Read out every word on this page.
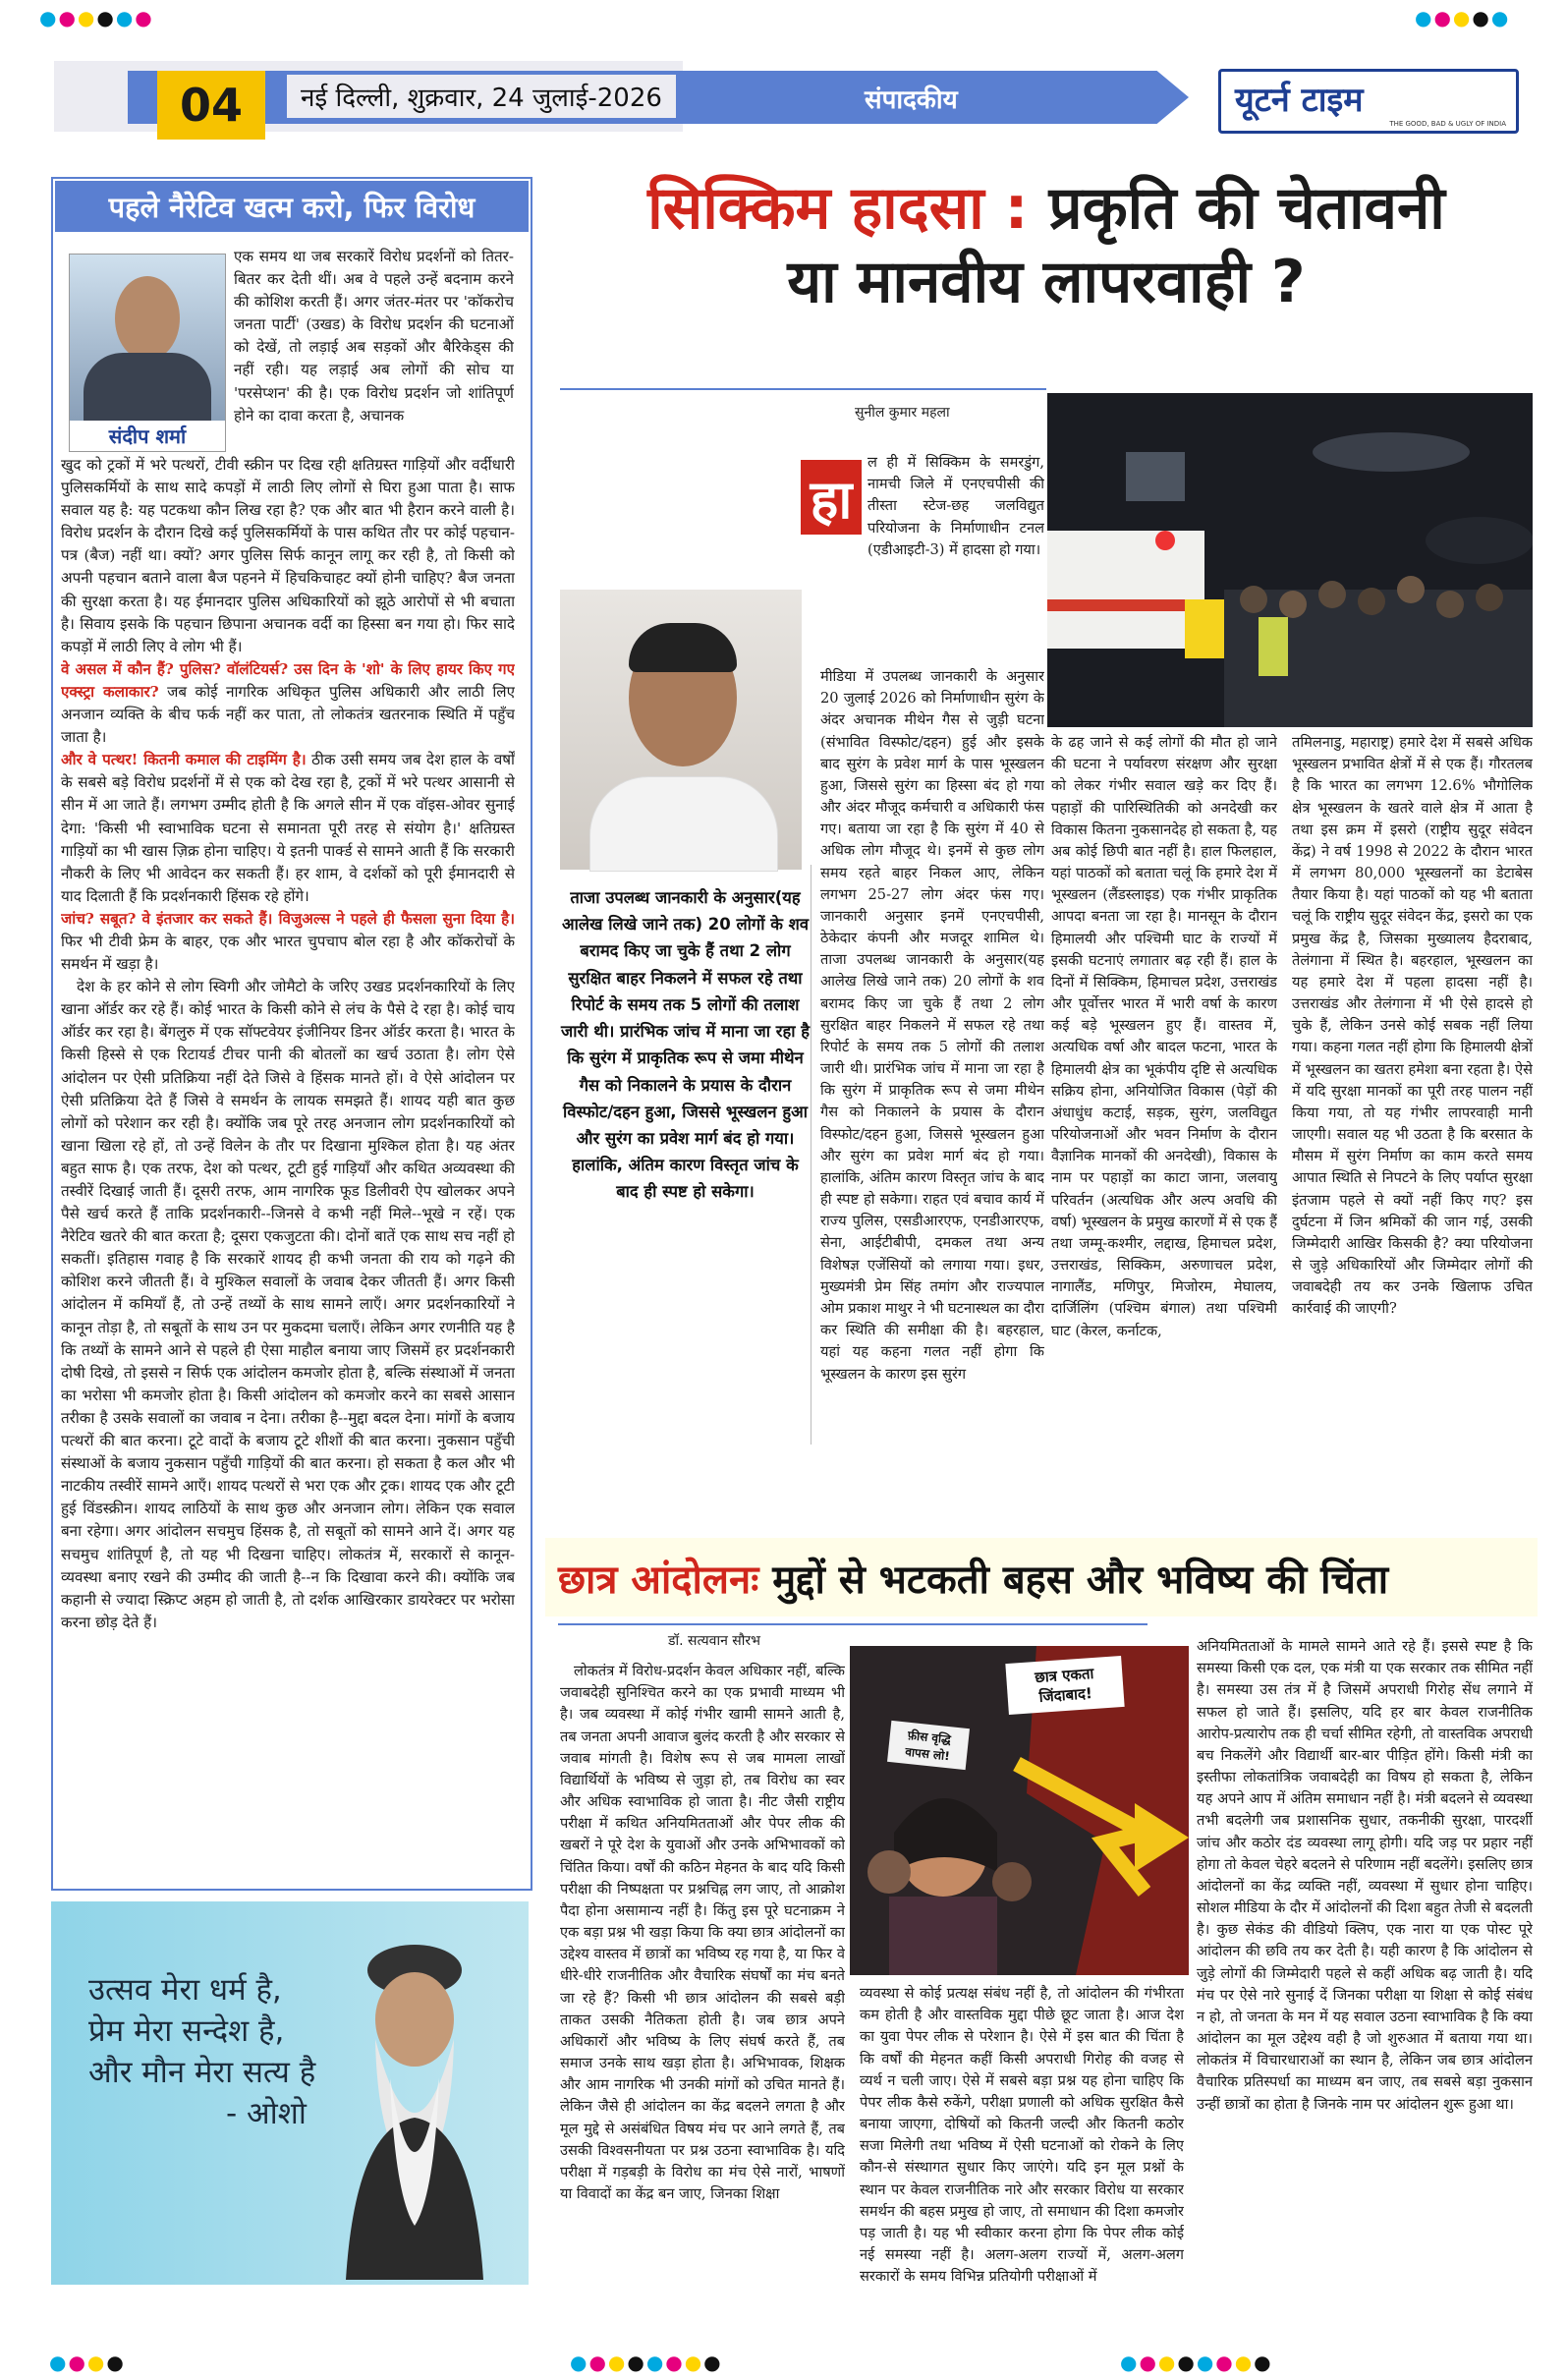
●●●●●●	●●●●●
04	नई दिल्ली, शुक्रवार, 24 जुलाई-2026	संपादकीय	यूटर्न टाइम
THE GOOD, BAD & UGLY OF INDIA
पहले नैरेटिव खत्म करो, फिर विरोध
संदीप शर्मा
एक समय था जब सरकारें विरोध प्रदर्शनों को तितर-बितर कर देती थीं। अब वे पहले उन्हें बदनाम करने की कोशिश करती हैं। अगर जंतर-मंतर पर 'कॉकरोच जनता पार्टी' (उखड) के विरोध प्रदर्शन की घटनाओं को देखें, तो लड़ाई अब सड़कों और बैरिकेड्स की नहीं रही। यह लड़ाई अब लोगों की सोच या 'परसेप्शन' की है। एक विरोध प्रदर्शन जो शांतिपूर्ण होने का दावा करता है, अचानक

खुद को ट्रकों में भरे पत्थरों, टीवी स्क्रीन पर दिख रही क्षतिग्रस्त गाड़ियों और वर्दीधारी पुलिसकर्मियों के साथ सादे कपड़ों में लाठी लिए लोगों से घिरा हुआ पाता है। साफ सवाल यह है: यह पटकथा कौन लिख रहा है? एक और बात भी हैरान करने वाली है। विरोध प्रदर्शन के दौरान दिखे कई पुलिसकर्मियों के पास कथित तौर पर कोई पहचान-पत्र (बैज) नहीं था। क्यों? अगर पुलिस सिर्फ कानून लागू कर रही है, तो किसी को अपनी पहचान बताने वाला बैज पहनने में हिचकिचाहट क्यों होनी चाहिए? बैज जनता की सुरक्षा करता है। यह ईमानदार पुलिस अधिकारियों को झूठे आरोपों से भी बचाता है। सिवाय इसके कि पहचान छिपाना अचानक वर्दी का हिस्सा बन गया हो। फिर सादे कपड़ों में लाठी लिए वे लोग भी हैं।

वे असल में कौन हैं? पुलिस? वॉलंटियर्स? उस दिन के 'शो' के लिए हायर किए गए एक्स्ट्रा कलाकार? जब कोई नागरिक अधिकृत पुलिस अधिकारी और लाठी लिए अनजान व्यक्ति के बीच फर्क नहीं कर पाता, तो लोकतंत्र खतरनाक स्थिति में पहुँच जाता है।

और वे पत्थर! कितनी कमाल की टाइमिंग है। ठीक उसी समय जब देश हाल के वर्षों के सबसे बड़े विरोध प्रदर्शनों में से एक को देख रहा है, ट्रकों में भरे पत्थर आसानी से सीन में आ जाते हैं। लगभग उम्मीद होती है कि अगले सीन में एक वॉइस-ओवर सुनाई देगा: 'किसी भी स्वाभाविक घटना से समानता पूरी तरह से संयोग है।' क्षतिग्रस्त गाड़ियों का भी खास ज़िक्र होना चाहिए। ये इतनी पार्क्‍ड से सामने आती हैं कि सरकारी नौकरी के लिए भी आवेदन कर सकती हैं। हर शाम, वे दर्शकों को पूरी ईमानदारी से याद दिलाती हैं कि प्रदर्शनकारी हिंसक रहे होंगे।

जांच? सबूत? वे इंतजार कर सकते हैं। विजुअल्स ने पहले ही फैसला सुना दिया है। फिर भी टीवी फ्रेम के बाहर, एक और भारत चुपचाप बोल रहा है और कॉकरोचों के समर्थन में खड़ा है।

देश के हर कोने से लोग स्विगी और जोमैटो के जरिए उखड प्रदर्शनकारियों के लिए खाना ऑर्डर कर रहे हैं। कोई भारत के किसी कोने से लंच के पैसे दे रहा है। कोई चाय ऑर्डर कर रहा है। बेंगलुरु में एक सॉफ्टवेयर इंजीनियर डिनर ऑर्डर करता है। भारत के किसी हिस्से से एक रिटायर्ड टीचर पानी की बोतलों का खर्च उठाता है। लोग ऐसे आंदोलन पर ऐसी प्रतिक्रिया नहीं देते जिसे वे हिंसक मानते हों। वे ऐसे आंदोलन पर ऐसी प्रतिक्रिया देते हैं जिसे वे समर्थन के लायक समझते हैं। शायद यही बात कुछ लोगों को परेशान कर रही है। क्योंकि जब पूरे तरह अनजान लोग प्रदर्शनकारियों को खाना खिला रहे हों, तो उन्हें विलेन के तौर पर दिखाना मुश्किल होता है। यह अंतर बहुत साफ है। एक तरफ, देश को पत्थर, टूटी हुई गाड़ियाँ और कथित अव्यवस्था की तस्वीरें दिखाई जाती हैं। दूसरी तरफ, आम नागरिक फूड डिलीवरी ऐप खोलकर अपने पैसे खर्च करते हैं ताकि प्रदर्शनकारी--जिनसे वे कभी नहीं मिले--भूखे न रहें। एक नैरेटिव खतरे की बात करता है; दूसरा एकजुटता की। दोनों बातें एक साथ सच नहीं हो सकतीं। इतिहास गवाह है कि सरकारें शायद ही कभी जनता की राय को गढ़ने की कोशिश करने जीतती हैं। वे मुश्किल सवालों के जवाब देकर जीतती हैं। अगर किसी आंदोलन में कमियाँ हैं, तो उन्हें तथ्यों के साथ सामने लाएँ। अगर प्रदर्शनकारियों ने कानून तोड़ा है, तो सबूतों के साथ उन पर मुकदमा चलाएँ। लेकिन अगर रणनीति यह है कि तथ्यों के सामने आने से पहले ही ऐसा माहौल बनाया जाए जिसमें हर प्रदर्शनकारी दोषी दिखे, तो इससे न सिर्फ एक आंदोलन कमजोर होता है, बल्कि संस्थाओं में जनता का भरोसा भी कमजोर होता है। किसी आंदोलन को कमजोर करने का सबसे आसान तरीका है उसके सवालों का जवाब न देना। तरीका है--मुद्दा बदल देना। मांगों के बजाय पत्थरों की बात करना। टूटे वादों के बजाय टूटे शीशों की बात करना। नुकसान पहुँची संस्थाओं के बजाय नुकसान पहुँची गाड़ियों की बात करना। हो सकता है कल और भी नाटकीय तस्वीरें सामने आएँ। शायद पत्थरों से भरा एक और ट्रक। शायद एक और टूटी हुई विंडस्क्रीन। शायद लाठियों के साथ कुछ और अनजान लोग। लेकिन एक सवाल बना रहेगा। अगर आंदोलन सचमुच हिंसक है, तो सबूतों को सामने आने दें। अगर यह सचमुच शांतिपूर्ण है, तो यह भी दिखना चाहिए। लोकतंत्र में, सरकारों से कानून-व्यवस्था बनाए रखने की उम्मीद की जाती है--न कि दिखावा करने की। क्योंकि जब कहानी से ज्यादा स्क्रिप्ट अहम हो जाती है, तो दर्शक आखिरकार डायरेक्टर पर भरोसा करना छोड़ देते हैं।

उत्सव मेरा धर्म है,
प्रेम मेरा सन्देश है,
और मौन मेरा सत्य है
- ओशो
सिक्किम हादसा : प्रकृति की चेतावनी
या मानवीय लापरवाही ?
सुनील कुमार महला
ताजा उपलब्ध जानकारी के अनुसार(यह आलेख लिखे जाने तक) 20 लोगों के शव बरामद किए जा चुके हैं तथा 2 लोग सुरक्षित बाहर निकलने में सफल रहे तथा रिपोर्ट के समय तक 5 लोगों की तलाश जारी थी। प्रारंभिक जांच में माना जा रहा है कि सुरंग में प्राकृतिक रूप से जमा मीथेन गैस को निकालने के प्रयास के दौरान विस्फोट/दहन हुआ, जिससे भूस्खलन हुआ और सुरंग का प्रवेश मार्ग बंद हो गया। हालांकि, अंतिम कारण विस्तृत जांच के बाद ही स्पष्ट हो सकेगा।
हा
ल ही में सिक्किम के समरडुंग, नामची जिले में एनएचपीसी की तीस्ता स्टेज-छह जलविद्युत परियोजना के निर्माणाधीन टनल (एडीआइटी-3) में हादसा हो गया।
मीडिया में उपलब्ध जानकारी के अनुसार 20 जुलाई 2026 को निर्माणाधीन सुरंग के अंदर अचानक मीथेन गैस से जुड़ी घटना (संभावित विस्फोट/दहन) हुई और इसके बाद सुरंग के प्रवेश मार्ग के पास भूस्खलन हुआ, जिससे सुरंग का हिस्सा बंद हो गया और अंदर मौजूद कर्मचारी व अधिकारी फंस गए। बताया जा रहा है कि सुरंग में 40 से अधिक लोग मौजूद थे। इनमें से कुछ लोग समय रहते बाहर निकल आए, लेकिन लगभग 25-27 लोग अंदर फंस गए। जानकारी अनुसार इनमें एनएचपीसी, ठेकेदार कंपनी और मजदूर शामिल थे। ताजा उपलब्ध जानकारी के अनुसार(यह आलेख लिखे जाने तक) 20 लोगों के शव बरामद किए जा चुके हैं तथा 2 लोग सुरक्षित बाहर निकलने में सफल रहे तथा रिपोर्ट के समय तक 5 लोगों की तलाश जारी थी। प्रारंभिक जांच में माना जा रहा है कि सुरंग में प्राकृतिक रूप से जमा मीथेन गैस को निकालने के प्रयास के दौरान विस्फोट/दहन हुआ, जिससे भूस्खलन हुआ और सुरंग का प्रवेश मार्ग बंद हो गया। हालांकि, अंतिम कारण विस्तृत जांच के बाद ही स्पष्ट हो सकेगा। राहत एवं बचाव कार्य में राज्य पुलिस, एसडीआरएफ, एनडीआरएफ, सेना, आईटीबीपी, दमकल तथा अन्य विशेषज्ञ एजेंसियों को लगाया गया। इधर, मुख्यमंत्री प्रेम सिंह तमांग और राज्यपाल ओम प्रकाश माथुर ने भी घटनास्थल का दौरा कर स्थिति की समीक्षा की है। बहरहाल, यहां यह कहना गलत नहीं होगा कि भूस्खलन के कारण इस सुरंग
के ढह जाने से कई लोगों की मौत हो जाने की घटना ने पर्यावरण संरक्षण और सुरक्षा को लेकर गंभीर सवाल खड़े कर दिए हैं। पहाड़ों की पारिस्थितिकी को अनदेखी कर विकास कितना नुकसानदेह हो सकता है, यह अब कोई छिपी बात नहीं है। हाल फिलहाल, यहां पाठकों को बताता चलूं कि हमारे देश में भूस्खलन (लैंडस्लाइड) एक गंभीर प्राकृतिक आपदा बनता जा रहा है। मानसून के दौरान हिमालयी और पश्चिमी घाट के राज्यों में इसकी घटनाएं लगातार बढ़ रही हैं। हाल के दिनों में सिक्किम, हिमाचल प्रदेश, उत्तराखंड और पूर्वोत्तर भारत में भारी वर्षा के कारण कई बड़े भूस्खलन हुए हैं। वास्तव में, अत्यधिक वर्षा और बादल फटना, भारत के हिमालयी क्षेत्र का भूकंपीय दृष्टि से अत्यधिक सक्रिय होना, अनियोजित विकास (पेड़ों की अंधाधुंध कटाई, सड़क, सुरंग, जलविद्युत परियोजनाओं और भवन निर्माण के दौरान वैज्ञानिक मानकों की अनदेखी), विकास के नाम पर पहाड़ों का काटा जाना, जलवायु परिवर्तन (अत्यधिक और अल्प अवधि की वर्षा) भूस्खलन के प्रमुख कारणों में से एक हैं तथा जम्मू-कश्मीर, लद्दाख, हिमाचल प्रदेश, उत्तराखंड, सिक्किम, अरुणाचल प्रदेश, नागालैंड, मणिपुर, मिजोरम, मेघालय, दार्जिलिंग (पश्चिम बंगाल) तथा पश्चिमी घाट (केरल, कर्नाटक,
तमिलनाडु, महाराष्ट्र) हमारे देश में सबसे अधिक भूस्खलन प्रभावित क्षेत्रों में से एक हैं। गौरतलब है कि भारत का लगभग 12.6% भौगोलिक क्षेत्र भूस्खलन के खतरे वाले क्षेत्र में आता है तथा इस क्रम में इसरो (राष्ट्रीय सुदूर संवेदन केंद्र) ने वर्ष 1998 से 2022 के दौरान भारत में लगभग 80,000 भूस्खलनों का डेटाबेस तैयार किया है। यहां पाठकों को यह भी बताता चलूं कि राष्ट्रीय सुदूर संवेदन केंद्र, इसरो का एक प्रमुख केंद्र है, जिसका मुख्यालय हैदराबाद, तेलंगाना में स्थित है। बहरहाल, भूस्खलन का यह हमारे देश में पहला हादसा नहीं है। उत्तराखंड और तेलंगाना में भी ऐसे हादसे हो चुके हैं, लेकिन उनसे कोई सबक नहीं लिया गया। कहना गलत नहीं होगा कि हिमालयी क्षेत्रों में भूस्खलन का खतरा हमेशा बना रहता है। ऐसे में यदि सुरक्षा मानकों का पूरी तरह पालन नहीं किया गया, तो यह गंभीर लापरवाही मानी जाएगी। सवाल यह भी उठता है कि बरसात के मौसम में सुरंग निर्माण का काम करते समय आपात स्थिति से निपटने के लिए पर्याप्त सुरक्षा इंतजाम पहले से क्यों नहीं किए गए? इस दुर्घटना में जिन श्रमिकों की जान गई, उसकी जिम्मेदारी आखिर किसकी है? क्या परियोजना से जुड़े अधिकारियों और जिम्मेदार लोगों की जवाबदेही तय कर उनके खिलाफ उचित कार्रवाई की जाएगी?
छात्र आंदोलनः मुद्दों से भटकती बहस और भविष्य की चिंता
डॉ. सत्यवान सौरभ
छात्र एकता जिंदाबाद!
फ़ीस वृद्धि वापस लो!
लोकतंत्र में विरोध-प्रदर्शन केवल अधिकार नहीं, बल्कि जवाबदेही सुनिश्चित करने का एक प्रभावी माध्यम भी है। जब व्यवस्था में कोई गंभीर खामी सामने आती है, तब जनता अपनी आवाज बुलंद करती है और सरकार से जवाब मांगती है। विशेष रूप से जब मामला लाखों विद्यार्थियों के भविष्य से जुड़ा हो, तब विरोध का स्वर और अधिक स्वाभाविक हो जाता है। नीट जैसी राष्ट्रीय परीक्षा में कथित अनियमितताओं और पेपर लीक की खबरों ने पूरे देश के युवाओं और उनके अभिभावकों को चिंतित किया। वर्षों की कठिन मेहनत के बाद यदि किसी परीक्षा की निष्पक्षता पर प्रश्नचिह्न लग जाए, तो आक्रोश पैदा होना असामान्य नहीं है। किंतु इस पूरे घटनाक्रम ने एक बड़ा प्रश्न भी खड़ा किया कि क्या छात्र आंदोलनों का उद्देश्य वास्तव में छात्रों का भविष्य रह गया है, या फिर वे धीरे-धीरे राजनीतिक और वैचारिक संघर्षों का मंच बनते जा रहे हैं? किसी भी छात्र आंदोलन की सबसे बड़ी ताकत उसकी नैतिकता होती है। जब छात्र अपने अधिकारों और भविष्य के लिए संघर्ष करते हैं, तब समाज उनके साथ खड़ा होता है। अभिभावक, शिक्षक और आम नागरिक भी उनकी मांगों को उचित मानते हैं। लेकिन जैसे ही आंदोलन का केंद्र बदलने लगता है और मूल मुद्दे से असंबंधित विषय मंच पर आने लगते हैं, तब उसकी विश्वसनीयता पर प्रश्न उठना स्वाभाविक है। यदि परीक्षा में गड़बड़ी के विरोध का मंच ऐसे नारों, भाषणों या विवादों का केंद्र बन जाए, जिनका शिक्षा
व्यवस्था से कोई प्रत्यक्ष संबंध नहीं है, तो आंदोलन की गंभीरता कम होती है और वास्तविक मुद्दा पीछे छूट जाता है। आज देश का युवा पेपर लीक से परेशान है। ऐसे में इस बात की चिंता है कि वर्षों की मेहनत कहीं किसी अपराधी गिरोह की वजह से व्यर्थ न चली जाए। ऐसे में सबसे बड़ा प्रश्न यह होना चाहिए कि पेपर लीक कैसे रुकेंगे, परीक्षा प्रणाली को अधिक सुरक्षित कैसे बनाया जाएगा, दोषियों को कितनी जल्दी और कितनी कठोर सजा मिलेगी तथा भविष्य में ऐसी घटनाओं को रोकने के लिए कौन-से संस्थागत सुधार किए जाएंगे। यदि इन मूल प्रश्नों के स्थान पर केवल राजनीतिक नारे और सरकार विरोध या सरकार समर्थन की बहस प्रमुख हो जाए, तो समाधान की दिशा कमजोर पड़ जाती है। यह भी स्वीकार करना होगा कि पेपर लीक कोई नई समस्या नहीं है। अलग-अलग राज्यों में, अलग-अलग सरकारों के समय विभिन्न प्रतियोगी परीक्षाओं में
अनियमितताओं के मामले सामने आते रहे हैं। इससे स्पष्ट है कि समस्या किसी एक दल, एक मंत्री या एक सरकार तक सीमित नहीं है। समस्या उस तंत्र में है जिसमें अपराधी गिरोह सेंध लगाने में सफल हो जाते हैं। इसलिए, यदि हर बार केवल राजनीतिक आरोप-प्रत्यारोप तक ही चर्चा सीमित रहेगी, तो वास्तविक अपराधी बच निकलेंगे और विद्यार्थी बार-बार पीड़ित होंगे। किसी मंत्री का इस्तीफा लोकतांत्रिक जवाबदेही का विषय हो सकता है, लेकिन यह अपने आप में अंतिम समाधान नहीं है। मंत्री बदलने से व्यवस्था तभी बदलेगी जब प्रशासनिक सुधार, तकनीकी सुरक्षा, पारदर्शी जांच और कठोर दंड व्यवस्था लागू होगी। यदि जड़ पर प्रहार नहीं होगा तो केवल चेहरे बदलने से परिणाम नहीं बदलेंगे। इसलिए छात्र आंदोलनों का केंद्र व्यक्ति नहीं, व्यवस्था में सुधार होना चाहिए। सोशल मीडिया के दौर में आंदोलनों की दिशा बहुत तेजी से बदलती है। कुछ सेकंड की वीडियो क्लिप, एक नारा या एक पोस्ट पूरे आंदोलन की छवि तय कर देती है। यही कारण है कि आंदोलन से जुड़े लोगों की जिम्मेदारी पहले से कहीं अधिक बढ़ जाती है। यदि मंच पर ऐसे नारे सुनाई दें जिनका परीक्षा या शिक्षा से कोई संबंध न हो, तो जनता के मन में यह सवाल उठना स्वाभाविक है कि क्या आंदोलन का मूल उद्देश्य वही है जो शुरुआत में बताया गया था। लोकतंत्र में विचारधाराओं का स्थान है, लेकिन जब छात्र आंदोलन वैचारिक प्रतिस्पर्धा का माध्यम बन जाए, तब सबसे बड़ा नुकसान उन्हीं छात्रों का होता है जिनके नाम पर आंदोलन शुरू हुआ था।
●●●●	●●●●●●●●	●●●●●●●●
